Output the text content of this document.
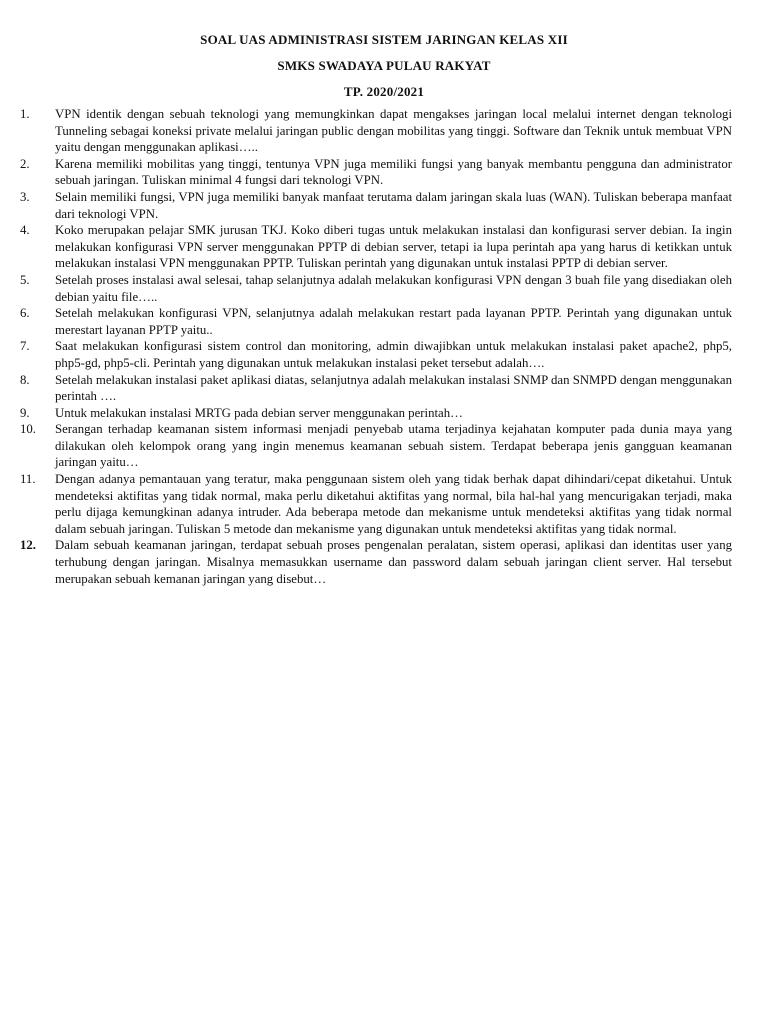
SOAL UAS ADMINISTRASI SISTEM JARINGAN KELAS XII

SMKS SWADAYA PULAU RAKYAT

TP. 2020/2021

1.	VPN identik dengan sebuah teknologi yang memungkinkan dapat mengakses jaringan local melalui internet dengan teknologi Tunneling sebagai koneksi private melalui jaringan public dengan mobilitas yang tinggi. Software dan Teknik untuk membuat VPN yaitu dengan menggunakan aplikasi…..
2.	Karena memiliki mobilitas yang tinggi, tentunya VPN juga memiliki fungsi yang banyak membantu pengguna dan administrator sebuah jaringan. Tuliskan minimal 4 fungsi dari teknologi VPN.
3.	Selain memiliki fungsi, VPN juga memiliki banyak manfaat terutama dalam jaringan skala luas (WAN). Tuliskan beberapa manfaat dari teknologi VPN.
4.	Koko merupakan pelajar SMK jurusan TKJ. Koko diberi tugas untuk melakukan instalasi dan konfigurasi server debian. Ia ingin melakukan konfigurasi VPN server menggunakan PPTP di debian server, tetapi ia lupa perintah apa yang harus di ketikkan untuk melakukan instalasi VPN menggunakan PPTP. Tuliskan perintah yang digunakan untuk instalasi PPTP di debian server.
5.	Setelah proses instalasi awal selesai, tahap selanjutnya adalah melakukan konfigurasi VPN dengan 3 buah file yang disediakan oleh debian yaitu file…..
6.	Setelah melakukan konfigurasi VPN, selanjutnya adalah melakukan restart pada layanan PPTP. Perintah yang digunakan untuk merestart layanan PPTP yaitu..
7.	Saat melakukan konfigurasi sistem control dan monitoring, admin diwajibkan untuk melakukan instalasi paket apache2, php5, php5-gd, php5-cli. Perintah yang digunakan untuk melakukan instalasi peket tersebut adalah….
8.	Setelah melakukan instalasi paket aplikasi diatas, selanjutnya adalah melakukan instalasi SNMP dan SNMPD dengan menggunakan perintah ….
9.	Untuk melakukan instalasi MRTG pada debian server menggunakan perintah…
10.	Serangan terhadap keamanan sistem informasi menjadi penyebab utama terjadinya kejahatan komputer pada dunia maya yang dilakukan oleh kelompok orang yang ingin menemus keamanan sebuah sistem. Terdapat beberapa jenis gangguan keamanan jaringan yaitu…
11.	Dengan adanya pemantauan yang teratur, maka penggunaan sistem oleh yang tidak berhak dapat dihindari/cepat diketahui. Untuk mendeteksi aktifitas yang tidak normal, maka perlu diketahui aktifitas yang normal, bila hal-hal yang mencurigakan terjadi, maka perlu dijaga kemungkinan adanya intruder. Ada beberapa metode dan mekanisme untuk mendeteksi aktifitas yang tidak normal dalam sebuah jaringan. Tuliskan 5 metode dan mekanisme yang digunakan untuk mendeteksi aktifitas yang tidak normal.
12.	Dalam sebuah keamanan jaringan, terdapat sebuah proses pengenalan peralatan, sistem operasi, aplikasi dan identitas user yang terhubung dengan jaringan. Misalnya memasukkan username dan password dalam sebuah jaringan client server. Hal tersebut merupakan sebuah kemanan jaringan yang disebut…
